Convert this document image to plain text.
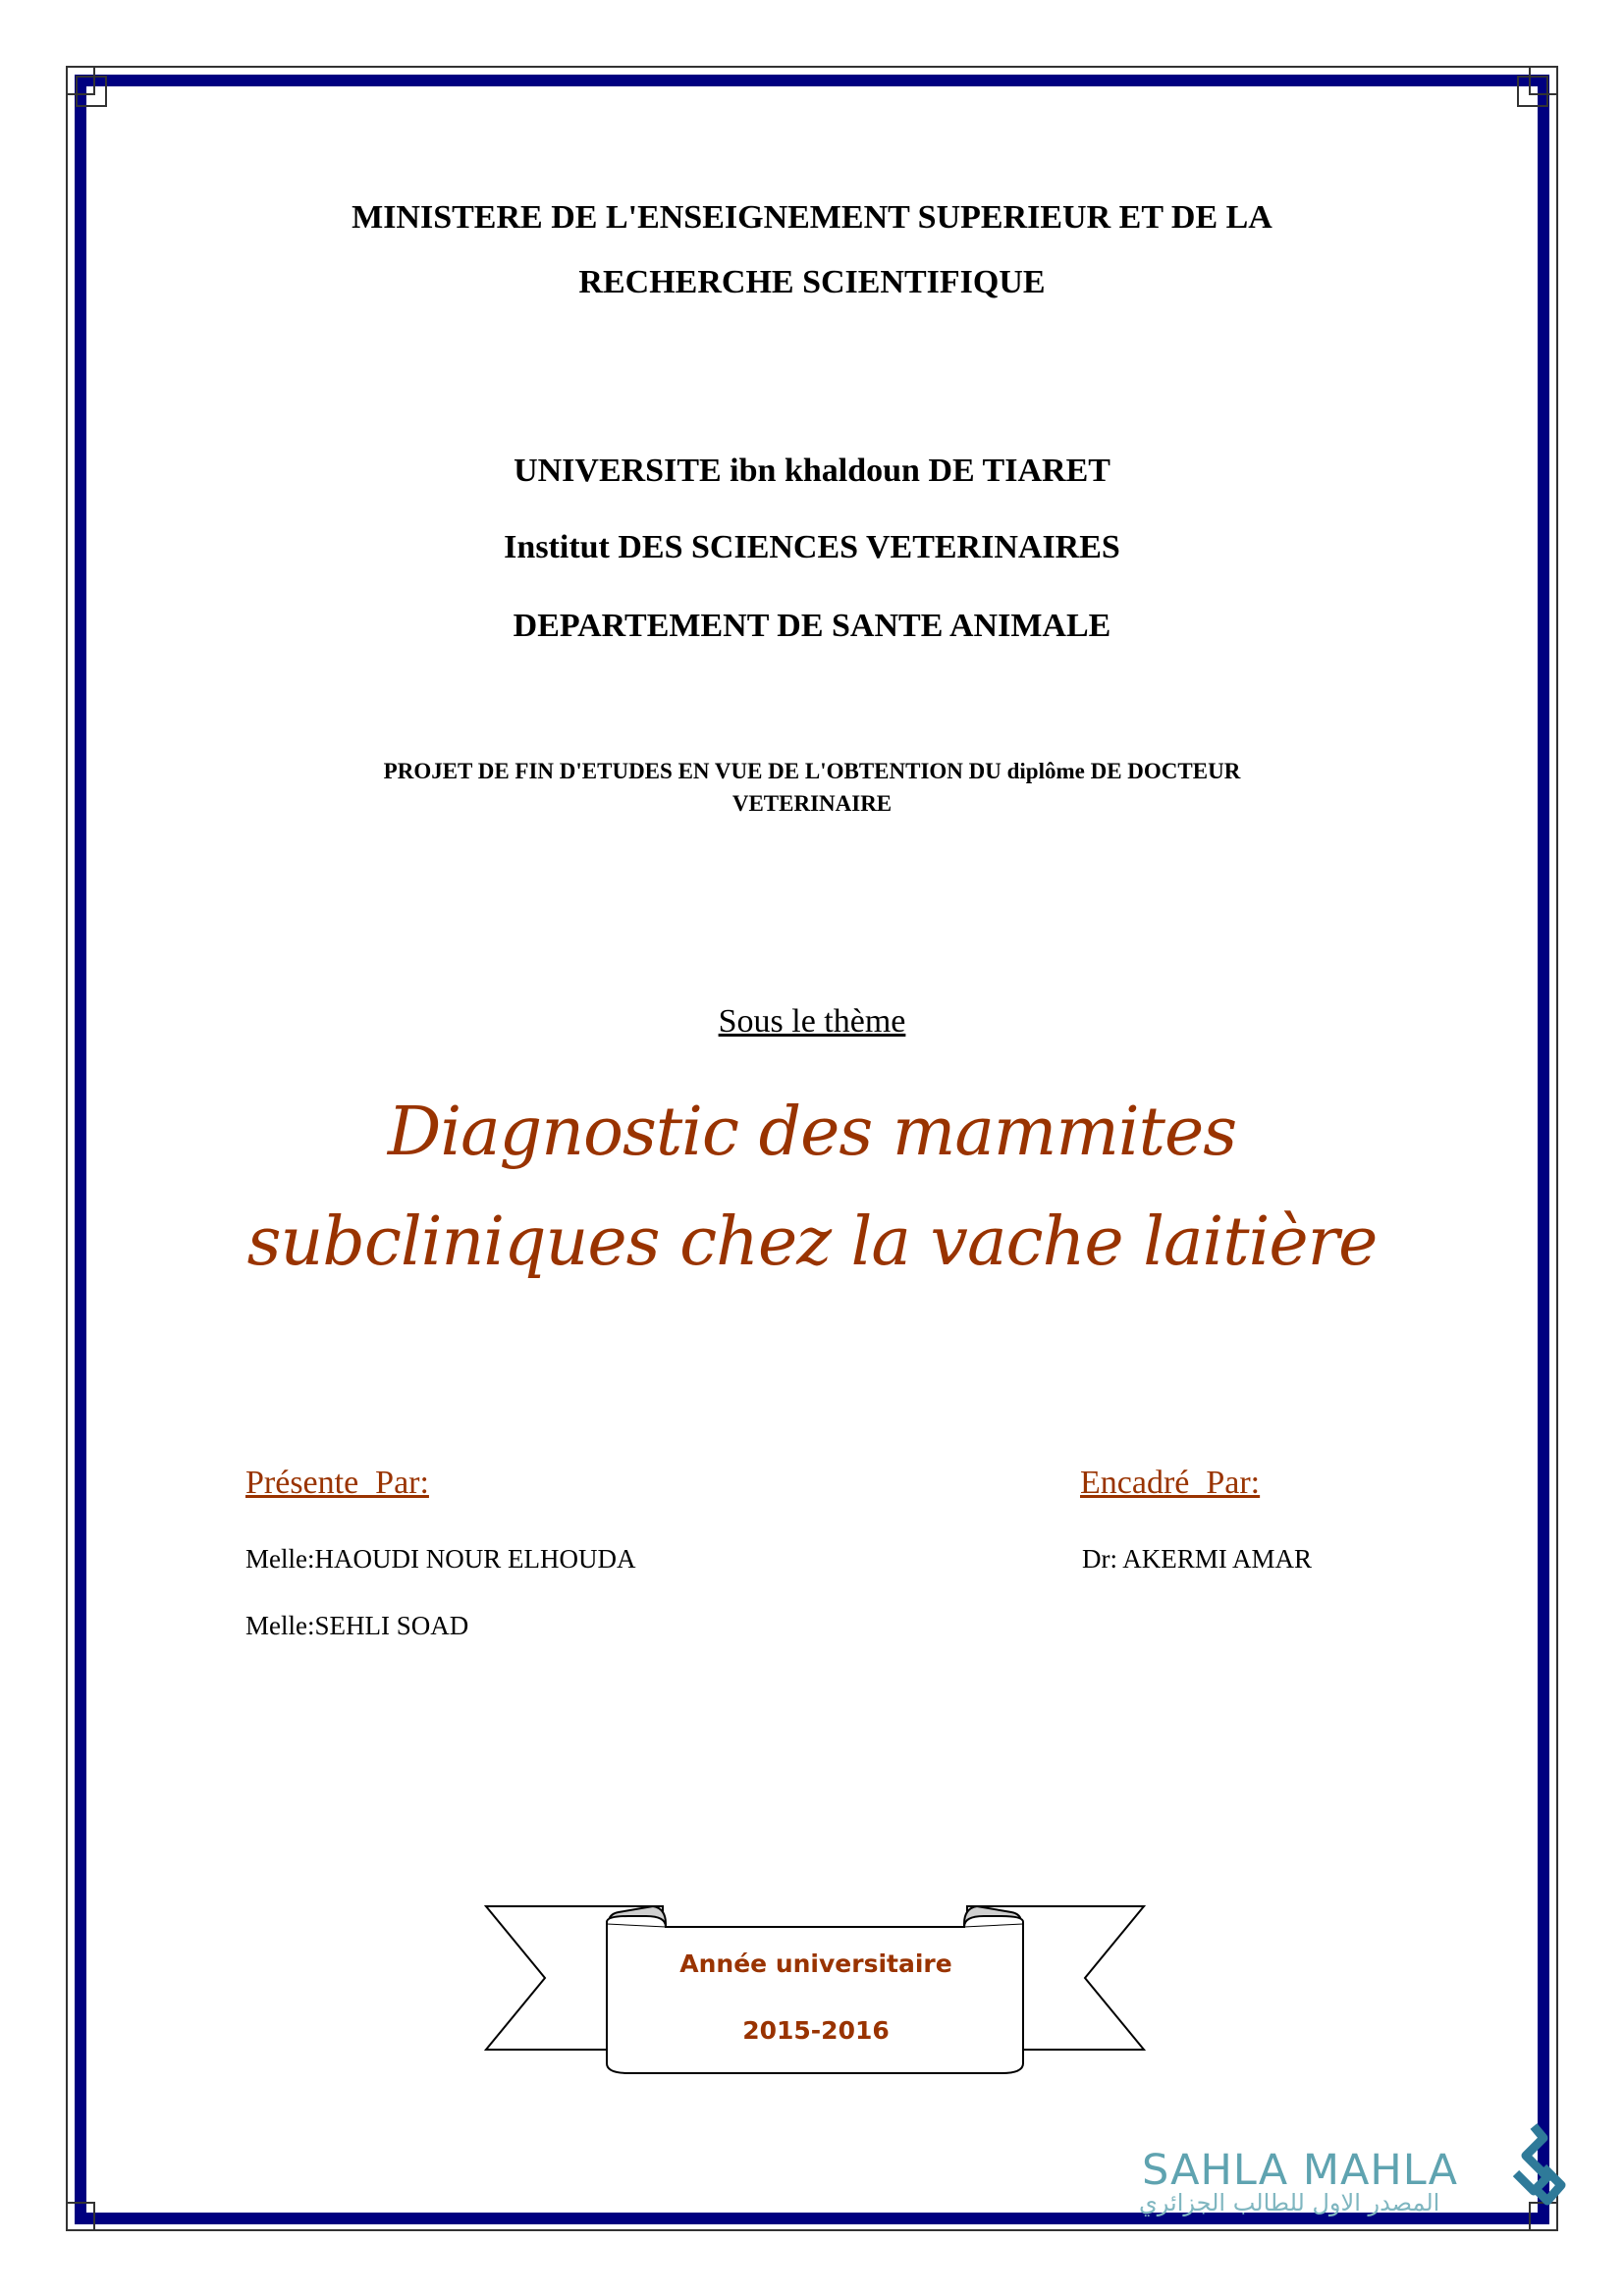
MINISTERE DE L'ENSEIGNEMENT SUPERIEUR ET DE LA
RECHERCHE SCIENTIFIQUE
UNIVERSITE ibn khaldoun DE TIARET
Institut DES SCIENCES VETERINAIRES
DEPARTEMENT DE SANTE ANIMALE
PROJET DE FIN D'ETUDES EN VUE DE L'OBTENTION DU diplôme DE DOCTEUR
VETERINAIRE
Sous le thème
Diagnostic des mammites
subcliniques chez la vache laitière
Présente  Par:	Encadré  Par:
Melle:HAOUDI NOUR ELHOUDA	Dr: AKERMI AMAR
Melle:SEHLI SOAD
Année universitaire
2015-2016
SAHLA MAHLA
المصدر الاول للطالب الجزائري
